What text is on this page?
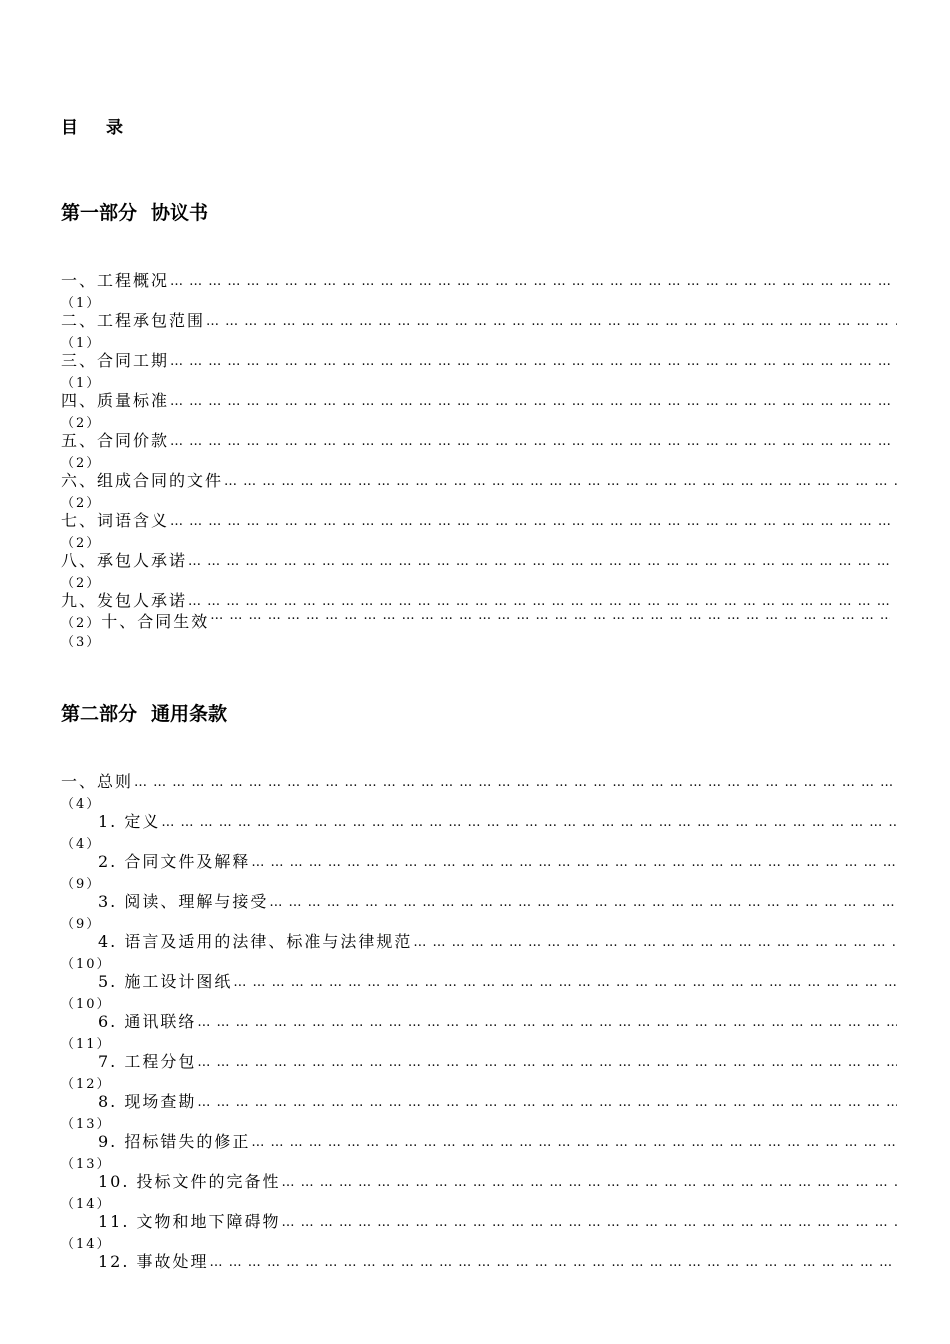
目 录
第一部分 协议书
一、工程概况
… … … … … … … … … … … … … … … … … … … … … … … … … … … … … … … … … … … … … … … … … … … … … … … … … … … … … … … … … … … … … … … … … … … … … … … … … … … … … … … … … … … ……………………………………………………………………………………
（1）
二、工程承包范围
… … … … … … … … … … … … … … … … … … … … … … … … … … … … … … … … … … … … … … … … … … … … … … … … … … … … … … … … … … … … … … … … … … … … … … … … … … … … … … … … … … … ……………………………………………………………………………………
（1）
三、合同工期
… … … … … … … … … … … … … … … … … … … … … … … … … … … … … … … … … … … … … … … … … … … … … … … … … … … … … … … … … … … … … … … … … … … … … … … … … … … … … … … … … … … ……………………………………………………………………………………
（1）
四、质量标准
… … … … … … … … … … … … … … … … … … … … … … … … … … … … … … … … … … … … … … … … … … … … … … … … … … … … … … … … … … … … … … … … … … … … … … … … … … … … … … … … … … … ……………………………………………………………………………………
（2）
五、合同价款
… … … … … … … … … … … … … … … … … … … … … … … … … … … … … … … … … … … … … … … … … … … … … … … … … … … … … … … … … … … … … … … … … … … … … … … … … … … … … … … … … … … ……………………………………………………………………………………
（2）
六、组成合同的文件
… … … … … … … … … … … … … … … … … … … … … … … … … … … … … … … … … … … … … … … … … … … … … … … … … … … … … … … … … … … … … … … … … … … … … … … … … … … … … … … … … … … ……………………………………………………………………………………
（2）
七、词语含义
… … … … … … … … … … … … … … … … … … … … … … … … … … … … … … … … … … … … … … … … … … … … … … … … … … … … … … … … … … … … … … … … … … … … … … … … … … … … … … … … … … … ……………………………………………………………………………………
（2）
八、承包人承诺
… … … … … … … … … … … … … … … … … … … … … … … … … … … … … … … … … … … … … … … … … … … … … … … … … … … … … … … … … … … … … … … … … … … … … … … … … … … … … … … … … … … ……………………………………………………………………………………
（2）
九、发包人承诺
… … … … … … … … … … … … … … … … … … … … … … … … … … … … … … … … … … … … … … … … … … … … … … … … … … … … … … … … … … … … … … … … … … … … … … … … … … … … … … … … … … … ……………………………………………………………………………………
（2） 十、合同生效
… … … … … … … … … … … … … … … … … … … … … … … … … … … … … … … … … … … … … … … … … … … … … … … … … … … … … … … … … … … … … … … … … … … … … … … … … … … … … … … … … … … ……………………………………………………………………………………
（3）
第二部分 通用条款
一、总则
… … … … … … … … … … … … … … … … … … … … … … … … … … … … … … … … … … … … … … … … … … … … … … … … … … … … … … … … … … … … … … … … … … … … … … … … … … … … … … … … … … … ……………………………………………………………………………………
（4）
1. 定义
… … … … … … … … … … … … … … … … … … … … … … … … … … … … … … … … … … … … … … … … … … … … … … … … … … … … … … … … … … … … … … … … … … … … … … … … … … … … … … … … … … … ……………………………………………………………………………………
（4）
2. 合同文件及解释
… … … … … … … … … … … … … … … … … … … … … … … … … … … … … … … … … … … … … … … … … … … … … … … … … … … … … … … … … … … … … … … … … … … … … … … … … … … … … … … … … … … ……………………………………………………………………………………
（9）
3. 阅读、理解与接受
… … … … … … … … … … … … … … … … … … … … … … … … … … … … … … … … … … … … … … … … … … … … … … … … … … … … … … … … … … … … … … … … … … … … … … … … … … … … … … … … … … … ……………………………………………………………………………………
（9）
4. 语言及适用的法律、标准与法律规范
… … … … … … … … … … … … … … … … … … … … … … … … … … … … … … … … … … … … … … … … … … … … … … … … … … … … … … … … … … … … … … … … … … … … … … … … … … … … … … … … … … … ……………………………………………………………………………………
（10）
5. 施工设计图纸
… … … … … … … … … … … … … … … … … … … … … … … … … … … … … … … … … … … … … … … … … … … … … … … … … … … … … … … … … … … … … … … … … … … … … … … … … … … … … … … … … … … ……………………………………………………………………………………
（10）
6. 通讯联络
… … … … … … … … … … … … … … … … … … … … … … … … … … … … … … … … … … … … … … … … … … … … … … … … … … … … … … … … … … … … … … … … … … … … … … … … … … … … … … … … … … … ……………………………………………………………………………………
（11）
7. 工程分包
… … … … … … … … … … … … … … … … … … … … … … … … … … … … … … … … … … … … … … … … … … … … … … … … … … … … … … … … … … … … … … … … … … … … … … … … … … … … … … … … … … … ……………………………………………………………………………………
（12）
8. 现场查勘
… … … … … … … … … … … … … … … … … … … … … … … … … … … … … … … … … … … … … … … … … … … … … … … … … … … … … … … … … … … … … … … … … … … … … … … … … … … … … … … … … … … ……………………………………………………………………………………
（13）
9. 招标错失的修正
… … … … … … … … … … … … … … … … … … … … … … … … … … … … … … … … … … … … … … … … … … … … … … … … … … … … … … … … … … … … … … … … … … … … … … … … … … … … … … … … … … … ……………………………………………………………………………………
（13）
10. 投标文件的完备性
… … … … … … … … … … … … … … … … … … … … … … … … … … … … … … … … … … … … … … … … … … … … … … … … … … … … … … … … … … … … … … … … … … … … … … … … … … … … … … … … … … … ……………………………………………………………………………………
（14）
11. 文物和地下障碍物
… … … … … … … … … … … … … … … … … … … … … … … … … … … … … … … … … … … … … … … … … … … … … … … … … … … … … … … … … … … … … … … … … … … … … … … … … … … … … … … … … … … ……………………………………………………………………………………
（14）
12. 事故处理
… … … … … … … … … … … … … … … … … … … … … … … … … … … … … … … … … … … … … … … … … … … … … … … … … … … … … … … … … … … … … … … … … … … … … … … … … … … … … … … … … … … ……………………………………………………………………………………
